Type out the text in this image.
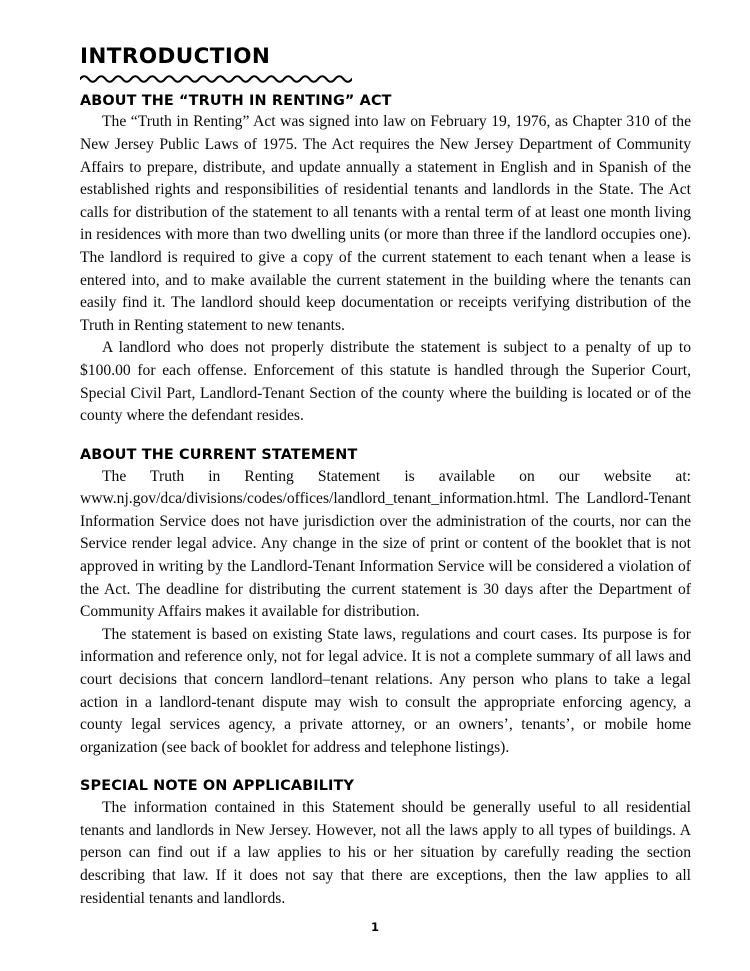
INTRODUCTION
ABOUT THE “TRUTH IN RENTING” ACT

The “Truth in Renting” Act was signed into law on February 19, 1976, as Chapter 310 of the New Jersey Public Laws of 1975. The Act requires the New Jersey Department of Community Affairs to prepare, distribute, and update annually a statement in English and in Spanish of the established rights and responsibilities of residential tenants and landlords in the State. The Act calls for distribution of the statement to all tenants with a rental term of at least one month living in residences with more than two dwelling units (or more than three if the landlord occupies one). The landlord is required to give a copy of the current statement to each tenant when a lease is entered into, and to make available the current statement in the building where the tenants can easily find it. The landlord should keep documentation or receipts verifying distribution of the Truth in Renting statement to new tenants.

A landlord who does not properly distribute the statement is subject to a penalty of up to $100.00 for each offense. Enforcement of this statute is handled through the Superior Court, Special Civil Part, Landlord-Tenant Section of the county where the building is located or of the county where the defendant resides.

ABOUT THE CURRENT STATEMENT

The Truth in Renting Statement is available on our website at: www.nj.gov/dca/divisions/codes/offices/landlord_tenant_information.html. The Landlord-Tenant Information Service does not have jurisdiction over the administration of the courts, nor can the Service render legal advice. Any change in the size of print or content of the booklet that is not approved in writing by the Landlord-Tenant Information Service will be considered a violation of the Act. The deadline for distributing the current statement is 30 days after the Department of Community Affairs makes it available for distribution.

The statement is based on existing State laws, regulations and court cases. Its purpose is for information and reference only, not for legal advice. It is not a complete summary of all laws and court decisions that concern landlord–tenant relations. Any person who plans to take a legal action in a landlord-tenant dispute may wish to consult the appropriate enforcing agency, a county legal services agency, a private attorney, or an owners’, tenants’, or mobile home organization (see back of booklet for address and telephone listings).

SPECIAL NOTE ON APPLICABILITY

The information contained in this Statement should be generally useful to all residential tenants and landlords in New Jersey. However, not all the laws apply to all types of buildings. A person can find out if a law applies to his or her situation by carefully reading the section describing that law. If it does not say that there are exceptions, then the law applies to all residential tenants and landlords.

1
